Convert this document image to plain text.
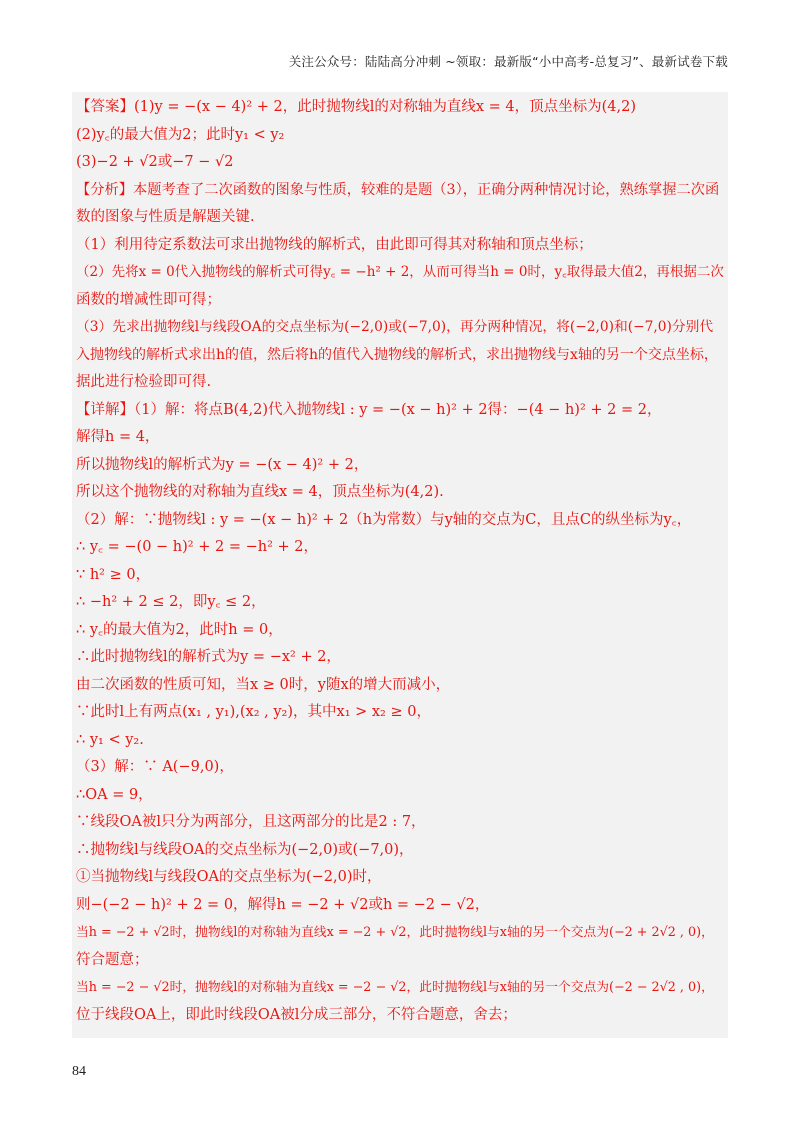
关注公众号：陆陆高分冲刺 ~领取：最新版“小中高考-总复习”、最新试卷下载
【答案】(1)y = −(x − 4)² + 2，此时抛物线l的对称轴为直线x = 4，顶点坐标为(4,2)
(2)y꜀的最大值为2；此时y₁ < y₂
(3)−2 + √2或−7 − √2
【分析】本题考查了二次函数的图象与性质，较难的是题（3），正确分两种情况讨论，熟练掌握二次函
数的图象与性质是解题关键.
（1）利用待定系数法可求出抛物线的解析式，由此即可得其对称轴和顶点坐标；
（2）先将x = 0代入抛物线的解析式可得y꜀ = −h² + 2，从而可得当h = 0时，y꜀取得最大值2，再根据二次
函数的增减性即可得；
（3）先求出抛物线l与线段OA的交点坐标为(−2,0)或(−7,0)，再分两种情况，将(−2,0)和(−7,0)分别代
入抛物线的解析式求出h的值，然后将h的值代入抛物线的解析式，求出抛物线与x轴的另一个交点坐标，
据此进行检验即可得.
【详解】（1）解：将点B(4,2)代入抛物线l : y = −(x − h)² + 2得：−(4 − h)² + 2 = 2，
解得h = 4，
所以抛物线l的解析式为y = −(x − 4)² + 2，
所以这个抛物线的对称轴为直线x = 4，顶点坐标为(4,2).
（2）解：∵抛物线l : y = −(x − h)² + 2（h为常数）与y轴的交点为C，且点C的纵坐标为y꜀，
∴ y꜀ = −(0 − h)² + 2 = −h² + 2，
∵ h² ≥ 0，
∴ −h² + 2 ≤ 2，即y꜀ ≤ 2，
∴ y꜀的最大值为2，此时h = 0，
∴此时抛物线l的解析式为y = −x² + 2，
由二次函数的性质可知，当x ≥ 0时，y随x的增大而减小，
∵此时l上有两点(x₁ , y₁),(x₂ , y₂)，其中x₁ > x₂ ≥ 0，
∴ y₁ < y₂.
（3）解：∵ A(−9,0)，
∴OA = 9，
∵线段OA被l只分为两部分，且这两部分的比是2 : 7，
∴抛物线l与线段OA的交点坐标为(−2,0)或(−7,0)，
①当抛物线l与线段OA的交点坐标为(−2,0)时，
则−(−2 − h)² + 2 = 0，解得h = −2 + √2或h = −2 − √2，
当h = −2 + √2时，抛物线l的对称轴为直线x = −2 + √2，此时抛物线l与x轴的另一个交点为(−2 + 2√2 , 0)，
符合题意；
当h = −2 − √2时，抛物线l的对称轴为直线x = −2 − √2，此时抛物线l与x轴的另一个交点为(−2 − 2√2 , 0)，
位于线段OA上，即此时线段OA被l分成三部分，不符合题意，舍去；
84
